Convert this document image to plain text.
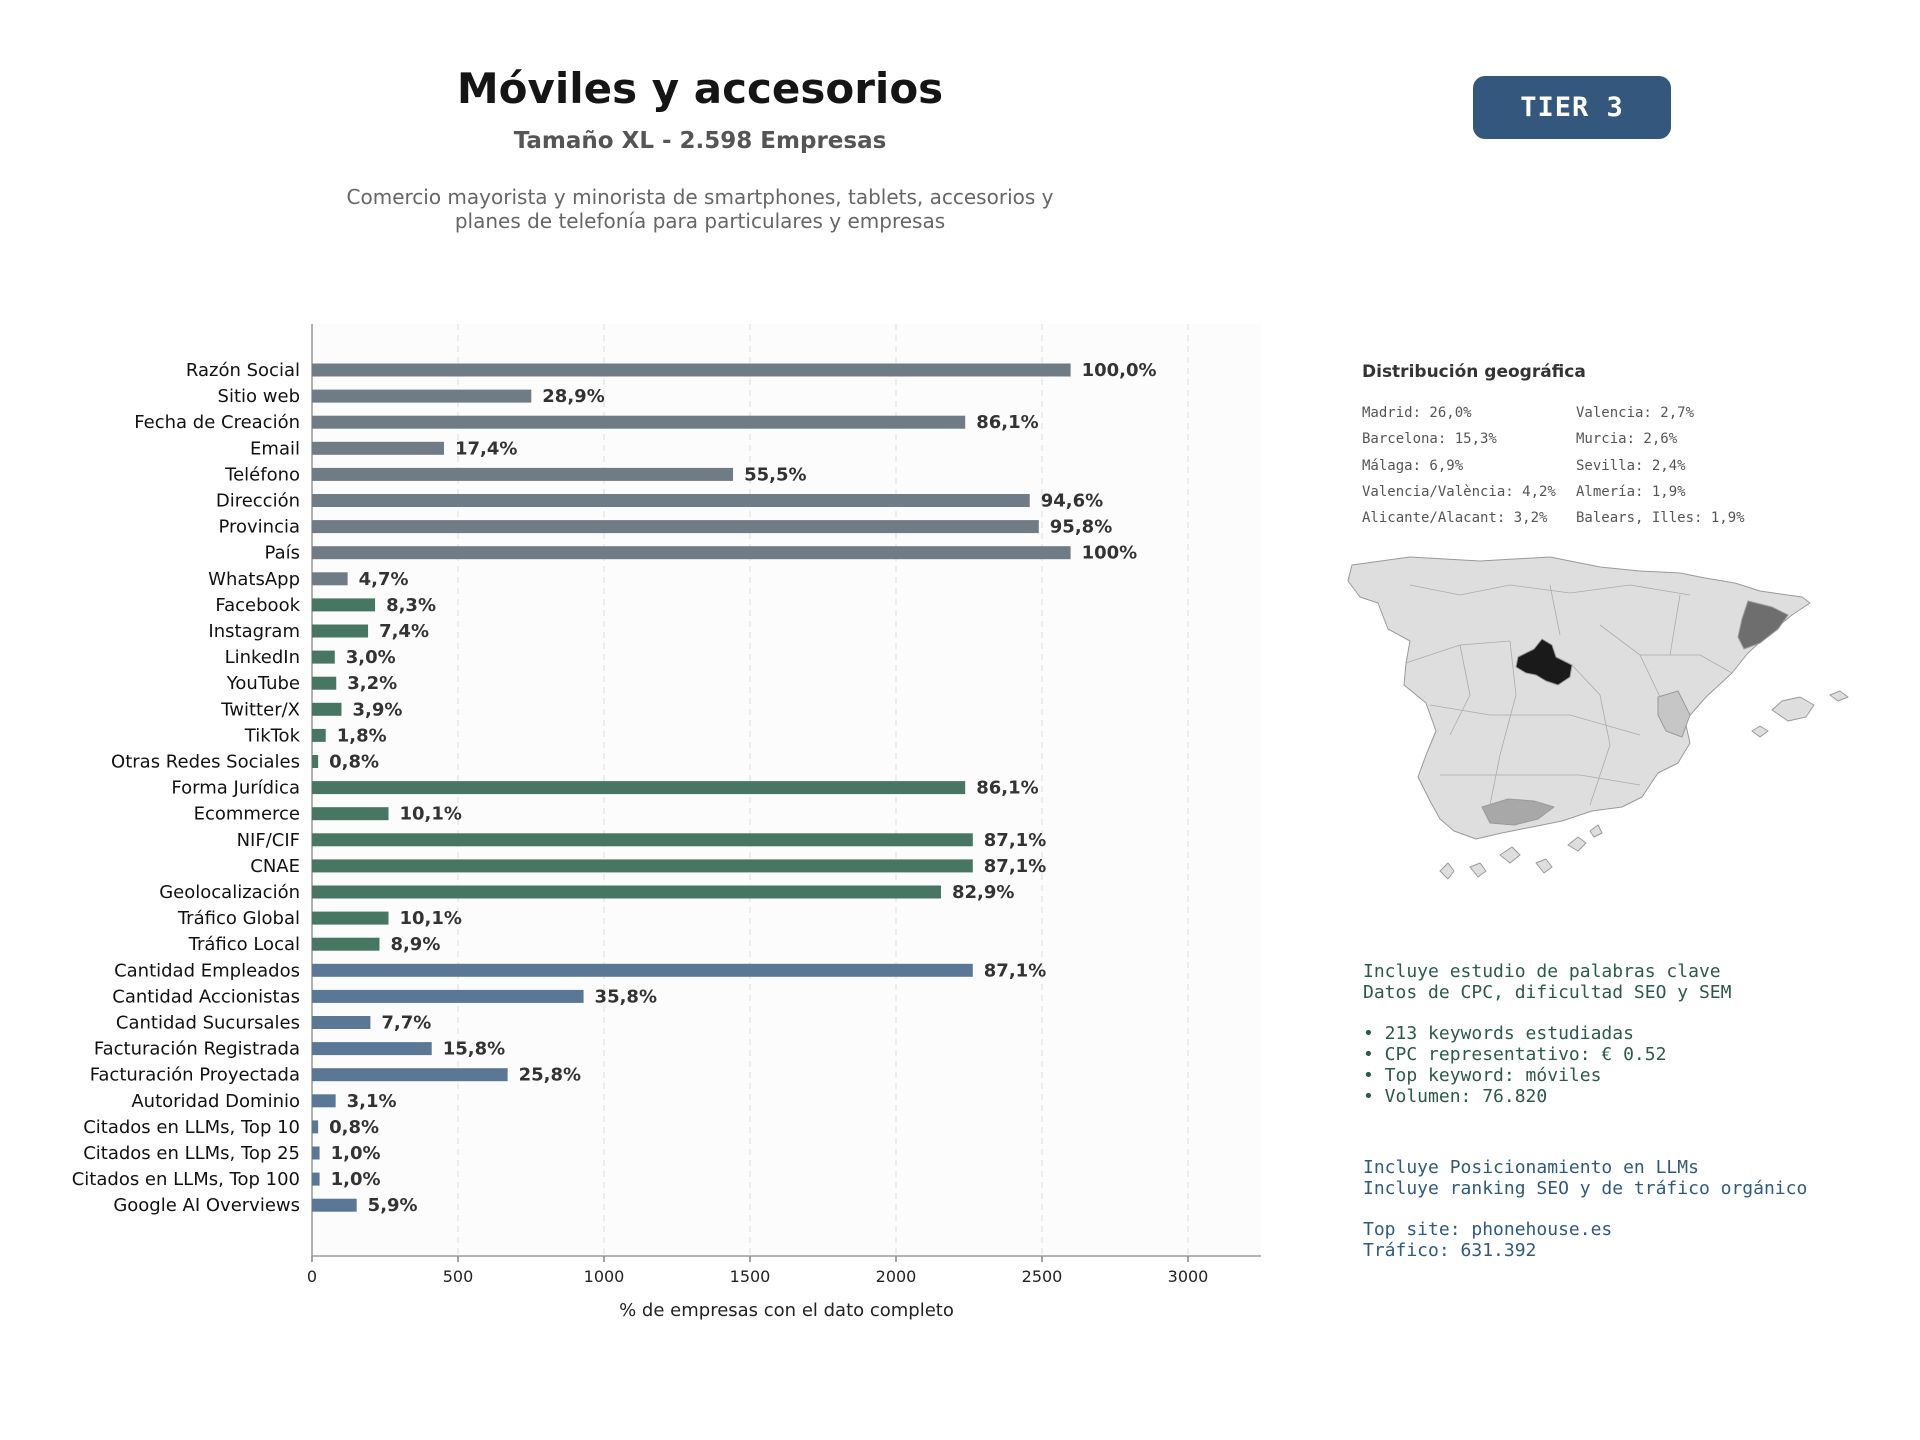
Móviles y accesorios
Tamaño XL - 2.598 Empresas
Comercio mayorista y minorista de smartphones, tablets, accesorios y
planes de telefonía para particulares y empresas
TIER 3
0	500	1000	1500	2000	2500	3000
Razón Social	100,0%
Sitio web	28,9%
Fecha de Creación	86,1%
Email	17,4%
Teléfono	55,5%
Dirección	94,6%
Provincia	95,8%
País	100%
WhatsApp	4,7%
Facebook	8,3%
Instagram	7,4%
LinkedIn	3,0%
YouTube	3,2%
Twitter/X	3,9%
TikTok 1,8%
Otras Redes Sociales 0,8%
Forma Jurídica	86,1%
Ecommerce	10,1%
NIF/CIF	87,1%
CNAE	87,1%
Geolocalización	82,9%
Tráfico Global	10,1%
Tráfico Local	8,9%
Cantidad Empleados	87,1%
Cantidad Accionistas	35,8%
Cantidad Sucursales	7,7%
Facturación Registrada	15,8%
Facturación Proyectada	25,8%
Autoridad Dominio	3,1%
Citados en LLMs, Top 10 0,8%
Citados en LLMs, Top 25 1,0%
Citados en LLMs, Top 100 1,0%
Google AI Overviews	5,9%
% de empresas con el dato completo
Distribución geográfica
Madrid: 26,0%
Barcelona: 15,3%
Málaga: 6,9%
Valencia/València: 4,2%
Alicante/Alacant: 3,2%
Valencia: 2,7%
Murcia: 2,6%
Sevilla: 2,4%
Almería: 1,9%
Balears, Illes: 1,9%
Incluye estudio de palabras clave
Datos de CPC, dificultad SEO y SEM
• 213 keywords estudiadas
• CPC representativo: € 0.52
• Top keyword: móviles
• Volumen: 76.820
Incluye Posicionamiento en LLMs
Incluye ranking SEO y de tráfico orgánico
Top site: phonehouse.es
Tráfico: 631.392
